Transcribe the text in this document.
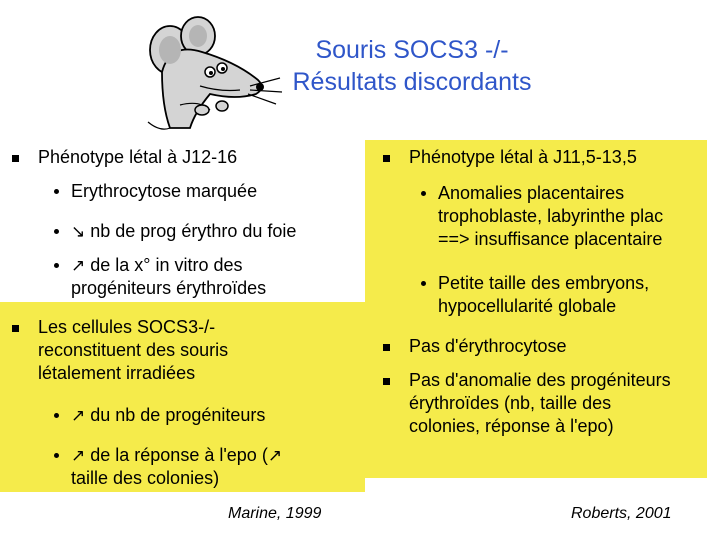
Souris SOCS3 -/-
Résultats discordants
Phénotype létal à J12-16
Erythrocytose marquée
↘ nb de prog érythro du foie
↗ de la x° in vitro des
progéniteurs érythroïdes
Les cellules SOCS3-/-
reconstituent des souris
létalement irradiées
↗ du nb de progéniteurs
↗ de la réponse à l'epo (↗
taille des colonies)
Marine, 1999
Phénotype létal à J11,5-13,5
Anomalies placentaires
trophoblaste, labyrinthe plac
==> insuffisance placentaire
Petite taille des embryons,
hypocellularité globale
Pas d'érythrocytose
Pas d'anomalie des progéniteurs
érythroïdes (nb, taille des
colonies, réponse à l'epo)
Roberts, 2001
